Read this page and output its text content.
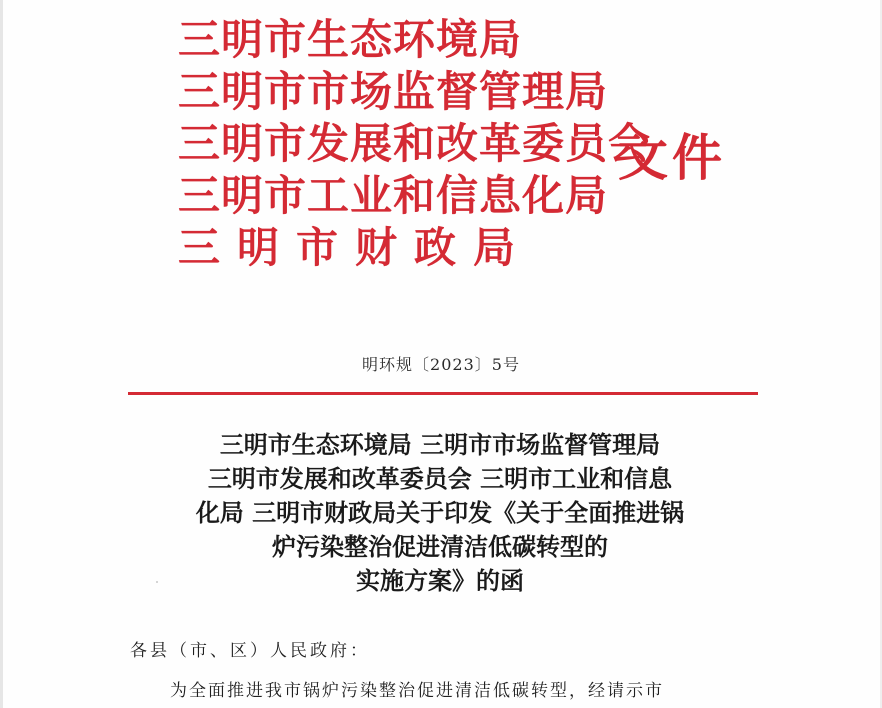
三明市生态环境局
三明市市场监督管理局
三明市发展和改革委员会
三明市工业和信息化局
三明市财政局
文件
明环规〔2023〕5号
三明市生态环境局 三明市市场监督管理局
三明市发展和改革委员会 三明市工业和信息
化局 三明市财政局关于印发《关于全面推进锅
炉污染整治促进清洁低碳转型的
实施方案》的函
各县（市、区）人民政府：
为全面推进我市锅炉污染整治促进清洁低碳转型，经请示市
